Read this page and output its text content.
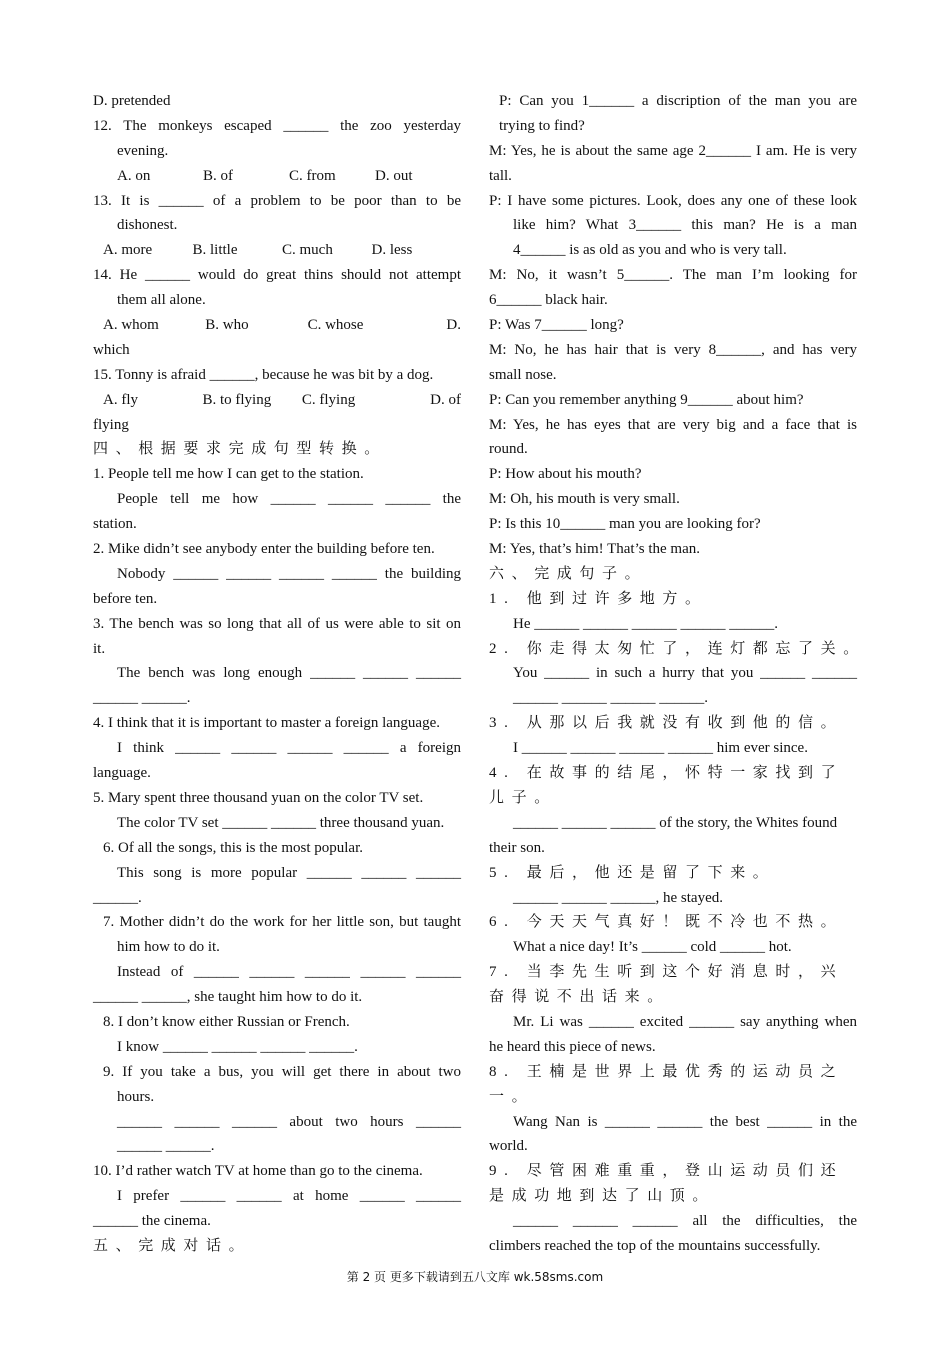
D. pretended
12. The monkeys escaped ______ the zoo yesterday
evening.
A. on	B. of	C. from	D. out
13. It is ______ of a problem to be poor than to be
dishonest.
A. more	B. little	C. much	D. less
14. He ______ would do great thins should not attempt
them all alone.
A. whom	B. who	C. whose	D.
which
15. Tonny is afraid ______, because he was bit by a dog.
A. fly	B. to flying	C. flying	D. of
flying
四、根据要求完成句型转换。
1. People tell me how I can get to the station.
People tell me how ______ ______ ______ the
station.
2. Mike didn’t see anybody enter the building before ten.
Nobody ______ ______ ______ ______ the building
before ten.
3. The bench was so long that all of us were able to sit on
it.
The bench was long enough ______ ______ ______
______ ______.
4. I think that it is important to master a foreign language.
I think ______ ______ ______ ______ a foreign
language.
5. Mary spent three thousand yuan on the color TV set.
The color TV set ______ ______ three thousand yuan.
6. Of all the songs, this is the most popular.
This song is more popular ______ ______ ______
______.
7. Mother didn’t do the work for her little son, but taught
him how to do it.
Instead of ______ ______ ______ ______ ______
______ ______, she taught him how to do it.
8. I don’t know either Russian or French.
I know ______ ______ ______ ______.
9. If you take a bus, you will get there in about two
hours.
______ ______ ______ about two hours ______
______ ______.
10. I’d rather watch TV at home than go to the cinema.
I prefer ______ ______ at home ______ ______
______ the cinema.
五、完成对话。
P: Can you 1______ a discription of the man you are
trying to find?
M: Yes, he is about the same age 2______ I am. He is very
tall.
P: I have some pictures. Look, does any one of these look
like him? What 3______ this man? He is a man
4______ is as old as you and who is very tall.
M: No, it wasn’t 5______. The man I’m looking for
6______ black hair.
P: Was 7______ long?
M: No, he has hair that is very 8______, and has very
small nose.
P: Can you remember anything 9______ about him?
M: Yes, he has eyes that are very big and a face that is
round.
P: How about his mouth?
M: Oh, his mouth is very small.
P: Is this 10______ man you are looking for?
M: Yes, that’s him! That’s the man.
六、完成句子。
1. 他到过许多地方。
He ______ ______ ______ ______ ______.
2. 你走得太匆忙了，连灯都忘了关。
You ______ in such a hurry that you ______ ______
______ ______ ______ ______.
3. 从那以后我就没有收到他的信。
I ______ ______ ______ ______ him ever since.
4. 在故事的结尾，怀特一家找到了
儿子。
______ ______ ______ of the story, the Whites found
their son.
5. 最后，他还是留了下来。
______ ______ ______, he stayed.
6. 今天天气真好！既不冷也不热。
What a nice day! It’s ______ cold ______ hot.
7. 当李先生听到这个好消息时，兴
奋得说不出话来。
Mr. Li was ______ excited ______ say anything when
he heard this piece of news.
8. 王楠是世界上最优秀的运动员之
一。
Wang Nan is ______ ______ the best ______ in the
world.
9. 尽管困难重重，登山运动员们还
是成功地到达了山顶。
______ ______ ______ all the difficulties, the
climbers reached the top of the mountains successfully.
第 2 页 更多下载请到五八文库 wk.58sms.com
